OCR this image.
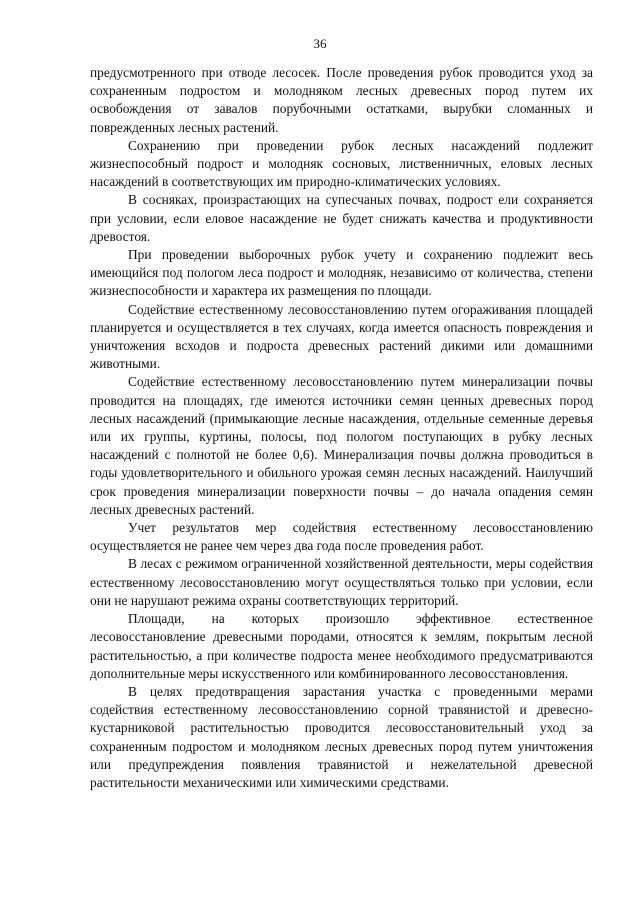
36

предусмотренного при отводе лесосек. После проведения рубок проводится уход за сохраненным подростом и молодняком лесных древесных пород путем их освобождения от завалов порубочными остатками, вырубки сломанных и поврежденных лесных растений.

Сохранению при проведении рубок лесных насаждений подлежит жизнеспособный подрост и молодняк сосновых, лиственничных, еловых лесных насаждений в соответствующих им природно-климатических условиях.

В сосняках, произрастающих на супесчаных почвах, подрост ели сохраняется при условии, если еловое насаждение не будет снижать качества и продуктивности древостоя.

При проведении выборочных рубок учету и сохранению подлежит весь имеющийся под пологом леса подрост и молодняк, независимо от количества, степени жизнеспособности и характера их размещения по площади.

Содействие естественному лесовосстановлению путем огораживания площадей планируется и осуществляется в тех случаях, когда имеется опасность повреждения и уничтожения всходов и подроста древесных растений дикими или домашними животными.

Содействие естественному лесовосстановлению путем минерализации почвы проводится на площадях, где имеются источники семян ценных древесных пород лесных насаждений (примыкающие лесные насаждения, отдельные семенные деревья или их группы, куртины, полосы, под пологом поступающих в рубку лесных насаждений с полнотой не более 0,6). Минерализация почвы должна проводиться в годы удовлетворительного и обильного урожая семян лесных насаждений. Наилучший срок проведения минерализации поверхности почвы – до начала опадения семян лесных древесных растений.

Учет результатов мер содействия естественному лесовосстановлению осуществляется не ранее чем через два года после проведения работ.

В лесах с режимом ограниченной хозяйственной деятельности, меры содействия естественному лесовосстановлению могут осуществляться только при условии, если они не нарушают режима охраны соответствующих территорий.

Площади, на которых произошло эффективное естественное лесовосстановление древесными породами, относятся к землям, покрытым лесной растительностью, а при количестве подроста менее необходимого предусматриваются дополнительные меры искусственного или комбинированного лесовосстановления.

В целях предотвращения зарастания участка с проведенными мерами содействия естественному лесовосстановлению сорной травянистой и древесно-кустарниковой растительностью проводится лесовосстановительный уход за сохраненным подростом и молодняком лесных древесных пород путем уничтожения или предупреждения появления травянистой и нежелательной древесной растительности механическими или химическими средствами.
